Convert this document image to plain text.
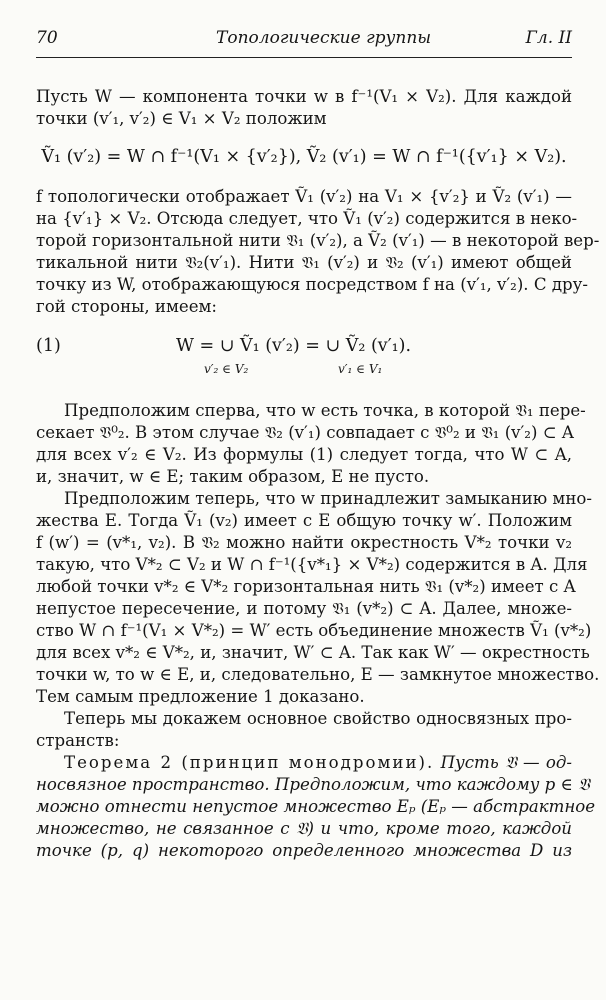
70	Топологические группы	Гл. II
Пусть W — компонента точки w в f⁻¹(V₁ × V₂). Для каждой
точки (v′₁, v′₂) ∈ V₁ × V₂ положим
Ṽ₁ (v′₂) = W ∩ f⁻¹(V₁ × {v′₂}), Ṽ₂ (v′₁) = W ∩ f⁻¹({v′₁} × V₂).
f топологически отображает Ṽ₁ (v′₂) на V₁ × {v′₂} и Ṽ₂ (v′₁) —
на {v′₁} × V₂. Отсюда следует, что Ṽ₁ (v′₂) содержится в неко-
торой горизонтальной нити 𝔙₁ (v′₂), а Ṽ₂ (v′₁) — в некоторой вер-
тикальной нити 𝔙₂(v′₁). Нити 𝔙₁ (v′₂) и 𝔙₂ (v′₁) имеют общей
точку из W, отображающуюся посредством f на (v′₁, v′₂). С дру-
гой стороны, имеем:
(1)	W = ∪ Ṽ₁ (v′₂) = ∪ Ṽ₂ (v′₁).
v′₂ ∈ V₂	v′₁ ∈ V₁
Предположим сперва, что w есть точка, в которой 𝔙₁ пере-
секает 𝔙⁰₂. В этом случае 𝔙₂ (v′₁) совпадает с 𝔙⁰₂ и 𝔙₁ (v′₂) ⊂ A
для всех v′₂ ∈ V₂. Из формулы (1) следует тогда, что W ⊂ A,
и, значит, w ∈ E; таким образом, E не пусто.
Предположим теперь, что w принадлежит замыканию мно-
жества E. Тогда Ṽ₁ (v₂) имеет с E общую точку w′. Положим
f (w′) = (v*₁, v₂). В 𝔙₂ можно найти окрестность V*₂ точки v₂
такую, что V*₂ ⊂ V₂ и W ∩ f⁻¹({v*₁} × V*₂) содержится в A. Для
любой точки v*₂ ∈ V*₂ горизонтальная нить 𝔙₁ (v*₂) имеет с A
непустое пересечение, и потому 𝔙₁ (v*₂) ⊂ A. Далее, множе-
ство W ∩ f⁻¹(V₁ × V*₂) = W′ есть объединение множеств Ṽ₁ (v*₂)
для всех v*₂ ∈ V*₂, и, значит, W′ ⊂ A. Так как W′ — окрестность
точки w, то w ∈ E, и, следовательно, E — замкнутое множество.
Тем самым предложение 1 доказано.
Теперь мы докажем основное свойство односвязных про-
странств:
Теорема 2 (принцип монодромии). Пусть 𝔙 — од-
носвязное пространство. Предположим, что каждому p ∈ 𝔙
можно отнести непустое множество Eₚ (Eₚ — абстрактное
множество, не связанное с 𝔙) и что, кроме того, каждой
точке (p, q) некоторого определенного множества D из
